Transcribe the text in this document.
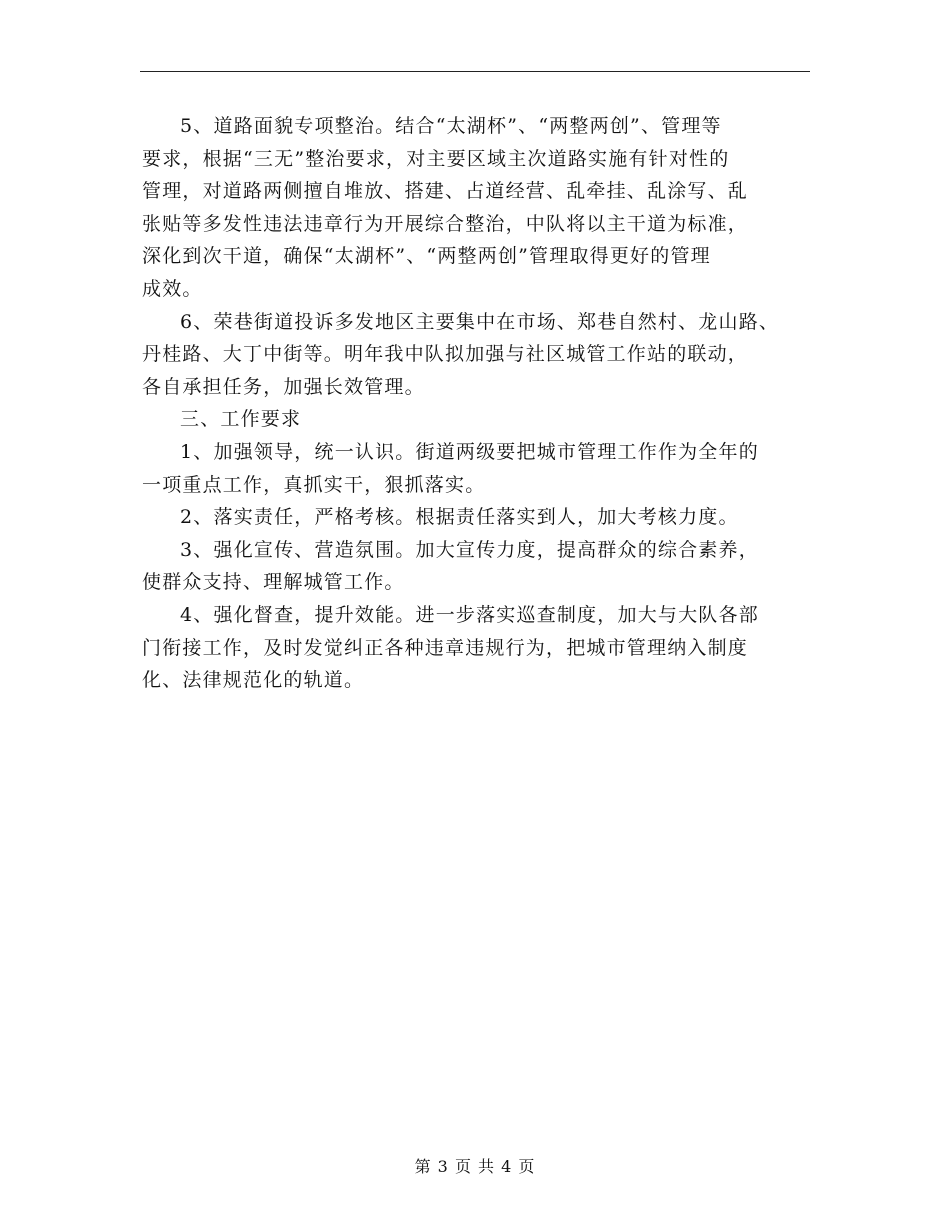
5、道路面貌专项整治。结合“太湖杯”、“两整两创”、管理等
要求，根据“三无”整治要求，对主要区域主次道路实施有针对性的
管理，对道路两侧擅自堆放、搭建、占道经营、乱牵挂、乱涂写、乱
张贴等多发性违法违章行为开展综合整治，中队将以主干道为标准，
深化到次干道，确保“太湖杯”、“两整两创”管理取得更好的管理
成效。

6、荣巷街道投诉多发地区主要集中在市场、郑巷自然村、龙山路、
丹桂路、大丁中街等。明年我中队拟加强与社区城管工作站的联动，
各自承担任务，加强长效管理。

三、工作要求

1、加强领导，统一认识。街道两级要把城市管理工作作为全年的
一项重点工作，真抓实干，狠抓落实。

2、落实责任，严格考核。根据责任落实到人，加大考核力度。

3、强化宣传、营造氛围。加大宣传力度，提高群众的综合素养，
使群众支持、理解城管工作。

4、强化督查，提升效能。进一步落实巡查制度，加大与大队各部
门衔接工作，及时发觉纠正各种违章违规行为，把城市管理纳入制度
化、法律规范化的轨道。

第 3 页 共 4 页
